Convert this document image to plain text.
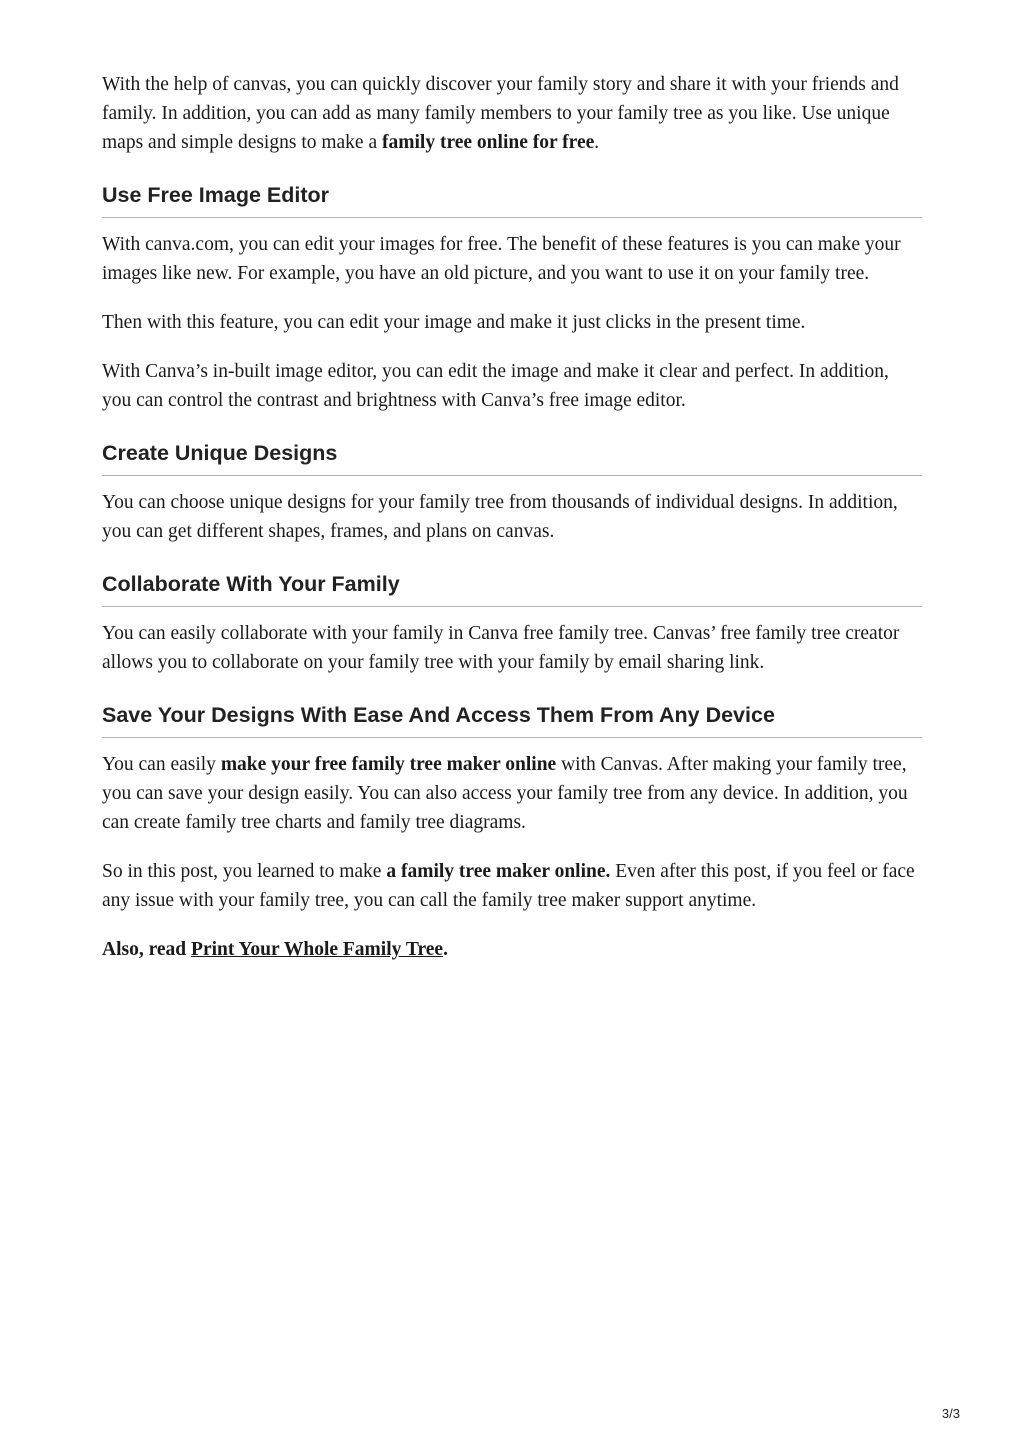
With the help of canvas, you can quickly discover your family story and share it with your friends and family. In addition, you can add as many family members to your family tree as you like. Use unique maps and simple designs to make a family tree online for free.

Use Free Image Editor

With canva.com, you can edit your images for free. The benefit of these features is you can make your images like new. For example, you have an old picture, and you want to use it on your family tree.

Then with this feature, you can edit your image and make it just clicks in the present time.

With Canva’s in-built image editor, you can edit the image and make it clear and perfect. In addition, you can control the contrast and brightness with Canva’s free image editor.

Create Unique Designs

You can choose unique designs for your family tree from thousands of individual designs. In addition, you can get different shapes, frames, and plans on canvas.

Collaborate With Your Family

You can easily collaborate with your family in Canva free family tree. Canvas’ free family tree creator allows you to collaborate on your family tree with your family by email sharing link.

Save Your Designs With Ease And Access Them From Any Device

You can easily make your free family tree maker online with Canvas. After making your family tree, you can save your design easily. You can also access your family tree from any device. In addition, you can create family tree charts and family tree diagrams.

So in this post, you learned to make a family tree maker online. Even after this post, if you feel or face any issue with your family tree, you can call the family tree maker support anytime.

Also, read Print Your Whole Family Tree.

3/3
